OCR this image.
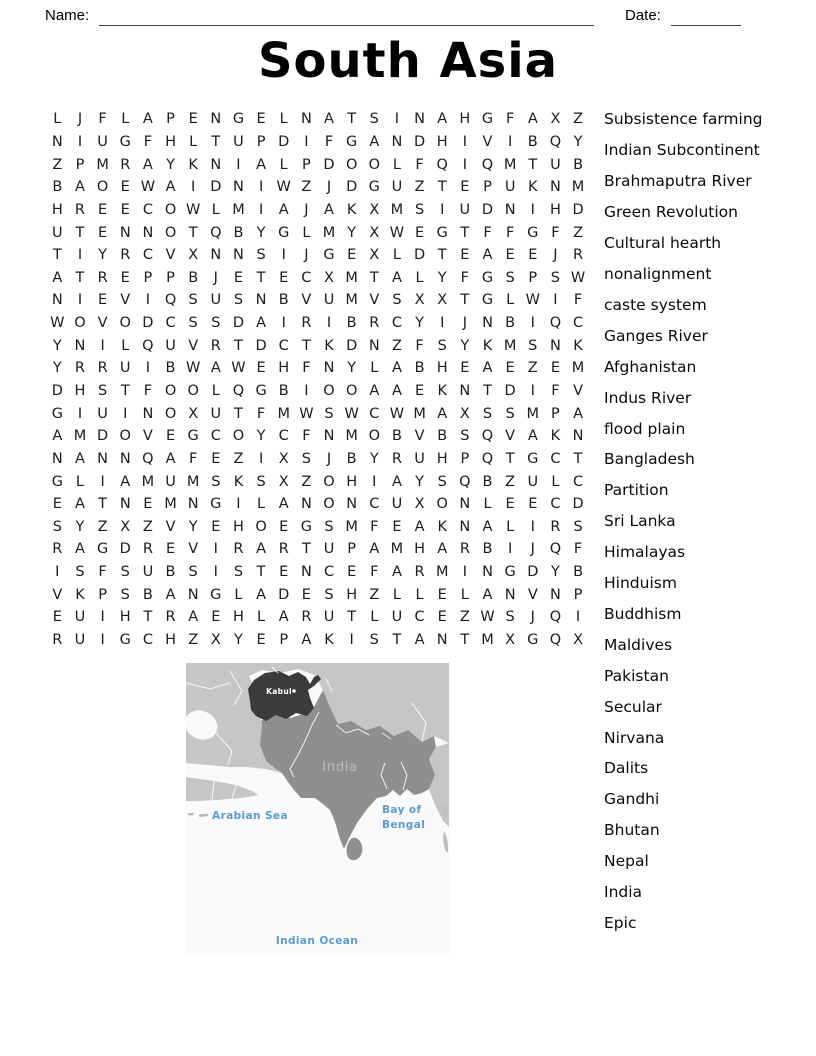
Name:	Date:
South Asia
L	J	F L A P E N G E L N A T S	I	N A H G F A X Z
N	I	U G F H L T U P D	I	F G A N D H	I	V	I	B Q Y
Z P M R A Y K N	I	A L P D O O L F Q	I	Q M T U B
B A O E W A	I	D N	I W Z	J	D G U Z T E P U K N M
H R E E C O W L M I	A	J	A K X M S	I	U D N	I	H D
U T E N N O T Q B Y G L M Y X W E G T F F G F Z
T	I	Y R C V X N N S	I	J	G E X L D T E A E E	J	R
A T R E P P B	J	E T E C X M T A L Y F G S P S W
N	I	E V	I	Q S U S N B V U M V S X X T G L W I	F
W O V O D C S S D A	I	R	I	B R C Y	I	J	N B	I	Q C
Y N	I	L Q U V R T D C T K D N Z F S Y K M S N K
Y R R U	I	B W A W E H F N Y L A B H E A E Z E M
D H S T F O O L Q G B	I	O O A A E K N T D	I	F V
G	I	U	I	N O X U T F M W S W C W M A X S S M P A
A M D O V E G C O Y C F N M O B V B S Q V A K N
N A N N Q A F E Z	I	X S	J	B Y R U H P Q T G C T
G L	I	A M U M S K S X Z O H	I	A Y S Q B Z U L C
E A T N E M N G	I	L A N O N C U X O N L E E C D
S Y Z X Z V Y E H O E G S M F E A K N A L	I	R S
R A G D R E V	I	R A R T U P A M H A R B	I	J	Q F
I	S F S U B S	I	S T E N C E F A R M I	N G D Y B
V K P S B A N G L A D E S H Z L	L E L A N V N P
E U	I	H T R A E H L A R U T L U C E Z W S	J	Q	I
R U	I	G C H Z X Y E P A K	I	S T A N T M X G Q X
Subsistence farming
Indian Subcontinent
Brahmaputra River
Green Revolution
Cultural hearth
nonalignment
caste system
Ganges River
Afghanistan
Indus River
flood plain
Bangladesh
Partition
Sri Lanka
Himalayas
Hinduism
Buddhism
Maldives
Pakistan
Secular
Nirvana
Dalits
Gandhi
Bhutan
Nepal
India
Epic
Kabul
India
Arabian Sea	Bay of
Bengal
Indian Ocean
